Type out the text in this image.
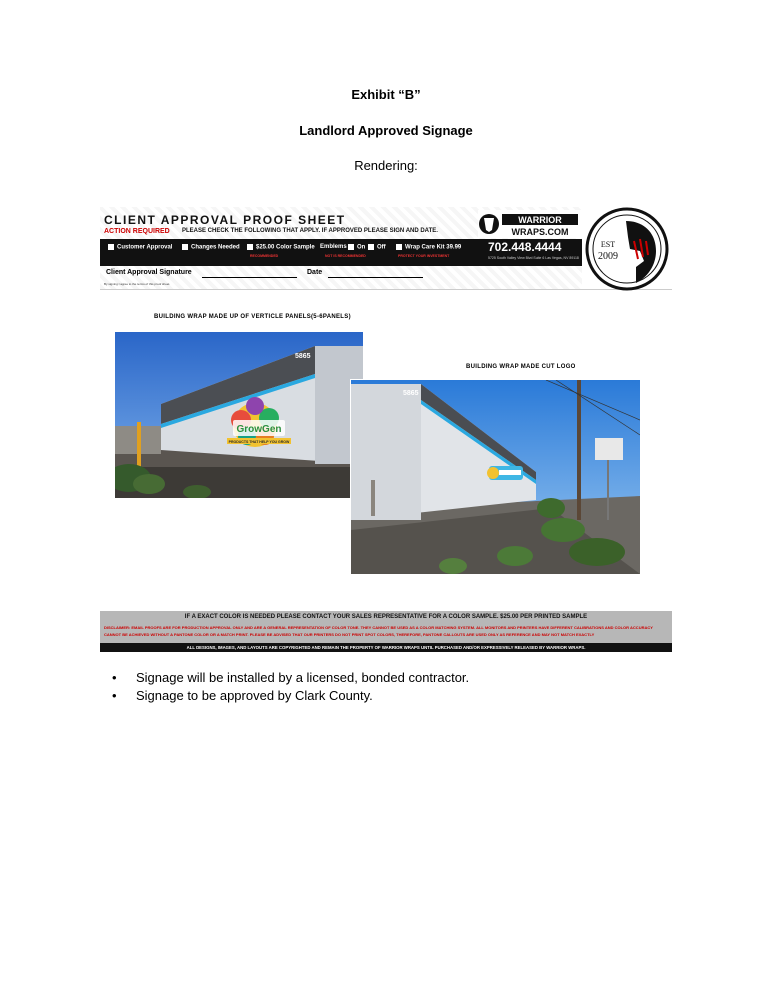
Exhibit “B”
Landlord Approved Signage
Rendering:
CLIENT APPROVAL PROOF SHEET
ACTION REQUIRED PLEASE CHECK THE FOLLOWING THAT APPLY. IF APPROVED PLEASE SIGN AND DATE.
Customer Approval	Changes Needed	$25.00 Color Sample Emblems	On	Off	Wrap Care Kit 39.99
RECOMMENDED	NOT IS RECOMMENDED	PROTECT YOUR INVESTMENT
WARRIOR
WRAPS.COM
702.448.4444
5725 South Valley View Blvd Suite 6 Las Vegas, NV 89118
Client Approval Signature	Date
By signing I agree to the terms of this proof sheet.
EST
2009
BUILDING WRAP MADE UP OF VERTICLE PANELS(5-6PANELS)
BUILDING WRAP MADE CUT LOGO
5865
GrowGen
PRODUCTS THAT HELP YOU GROW
5865
IF A EXACT COLOR IS NEEDED PLEASE CONTACT YOUR SALES REPRESENTATIVE FOR A COLOR SAMPLE. $25.00 PER PRINTED SAMPLE
DISCLAIMER: EMAIL PROOFS ARE FOR PRODUCTION APPROVAL ONLY AND ARE A GENERAL REPRESENTATION OF COLOR TONE. THEY CANNOT BE USED AS A COLOR MATCHING SYSTEM. ALL MONITORS AND PRINTERS HAVE DIFFERENT CALIBRATIONS AND COLOR ACCURACY CANNOT BE ACHIEVED WITHOUT A PANTONE COLOR OR A MATCH PRINT. PLEASE BE ADVISED THAT OUR PRINTERS DO NOT PRINT SPOT COLORS, THEREFORE, PANTONE CALLOUTS ARE USED ONLY AS REFERENCE AND MAY NOT MATCH EXACTLY
ALL DESIGNS, IMAGES, AND LAYOUTS ARE COPYRIGHTED AND REMAIN THE PROPERTY OF WARRIOR WRAPS UNTIL PURCHASED AND/OR EXPRESSIVELY RELEASED BY WARRIOR WRAPS.
• Signage will be installed by a licensed, bonded contractor.
• Signage to be approved by Clark County.
